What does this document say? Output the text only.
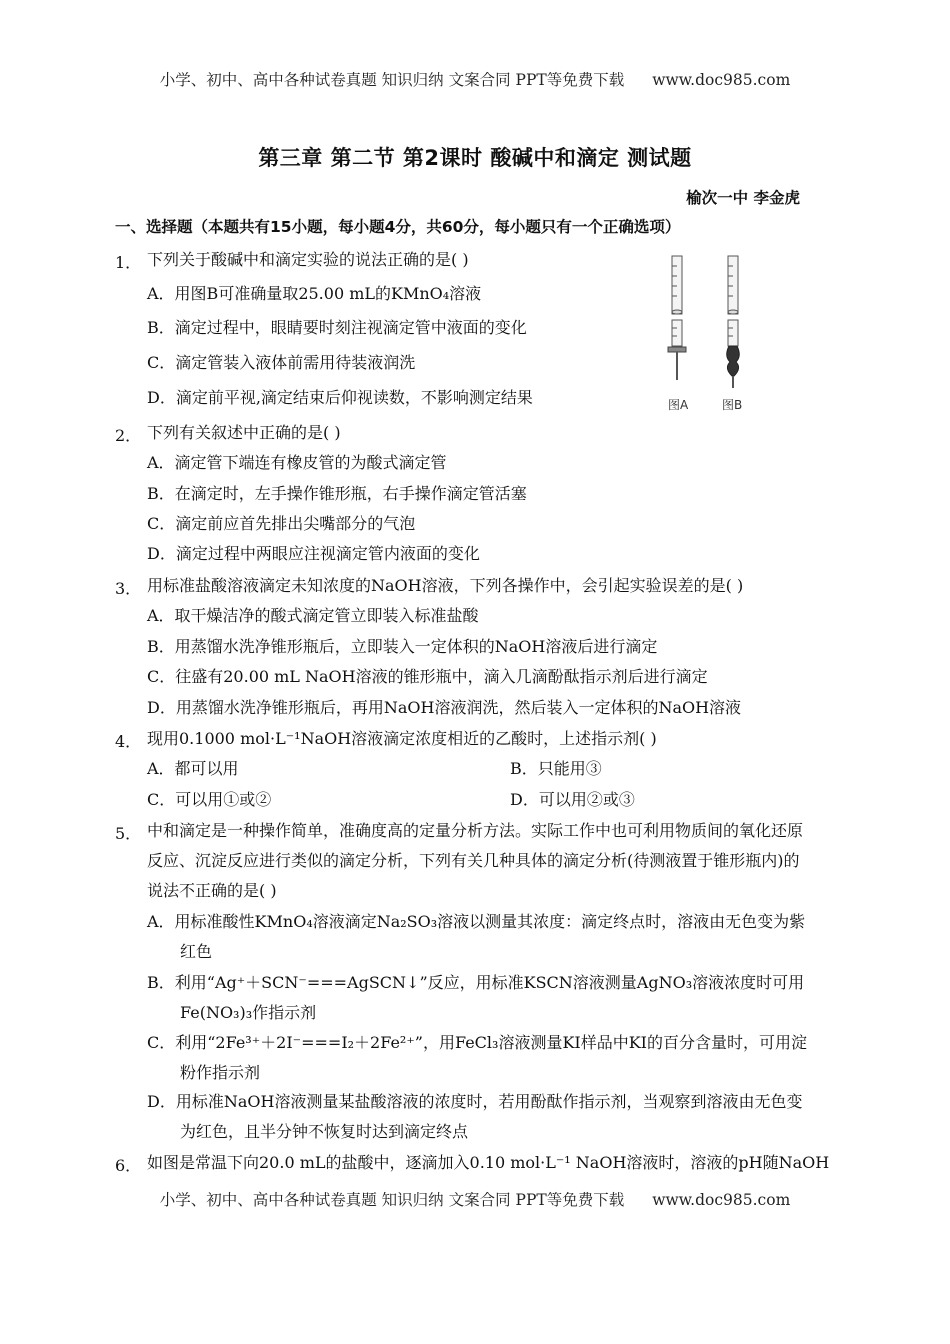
小学、初中、高中各种试卷真题 知识归纳 文案合同 PPT等免费下载 www.doc985.com
第三章 第二节 第2课时 酸碱中和滴定 测试题
榆次一中 李金虎
一、选择题（本题共有15小题，每小题4分，共60分，每小题只有一个正确选项）
1． 下列关于酸碱中和滴定实验的说法正确的是( )
A．用图B可准确量取25.00 mL的KMnO₄溶液
B．滴定过程中，眼睛要时刻注视滴定管中液面的变化
C．滴定管装入液体前需用待装液润洗
D．滴定前平视,滴定结束后仰视读数，不影响测定结果	图A	图B
2． 下列有关叙述中正确的是( )
A．滴定管下端连有橡皮管的为酸式滴定管
B．在滴定时，左手操作锥形瓶，右手操作滴定管活塞
C．滴定前应首先排出尖嘴部分的气泡
D．滴定过程中两眼应注视滴定管内液面的变化
3． 用标准盐酸溶液滴定未知浓度的NaOH溶液，下列各操作中，会引起实验误差的是( )
A．取干燥洁净的酸式滴定管立即装入标准盐酸
B．用蒸馏水洗净锥形瓶后，立即装入一定体积的NaOH溶液后进行滴定
C．往盛有20.00 mL NaOH溶液的锥形瓶中，滴入几滴酚酞指示剂后进行滴定
D．用蒸馏水洗净锥形瓶后，再用NaOH溶液润洗，然后装入一定体积的NaOH溶液
4． 现用0.1000 mol·L⁻¹NaOH溶液滴定浓度相近的乙酸时，上述指示剂( )
A．都可以用	B．只能用③
C．可以用①或②	D．可以用②或③
5． 中和滴定是一种操作简单，准确度高的定量分析方法。实际工作中也可利用物质间的氧化还原
反应、沉淀反应进行类似的滴定分析，下列有关几种具体的滴定分析(待测液置于锥形瓶内)的
说法不正确的是( )
A．用标准酸性KMnO₄溶液滴定Na₂SO₃溶液以测量其浓度：滴定终点时，溶液由无色变为紫
红色
B．利用“Ag⁺＋SCN⁻===AgSCN↓”反应，用标准KSCN溶液测量AgNO₃溶液浓度时可用
Fe(NO₃)₃作指示剂
C．利用“2Fe³⁺＋2I⁻===I₂＋2Fe²⁺”，用FeCl₃溶液测量KI样品中KI的百分含量时，可用淀
粉作指示剂
D．用标准NaOH溶液测量某盐酸溶液的浓度时，若用酚酞作指示剂，当观察到溶液由无色变
为红色，且半分钟不恢复时达到滴定终点
6． 如图是常温下向20.0 mL的盐酸中，逐滴加入0.10 mol·L⁻¹ NaOH溶液时，溶液的pH随NaOH
小学、初中、高中各种试卷真题 知识归纳 文案合同 PPT等免费下载 www.doc985.com
